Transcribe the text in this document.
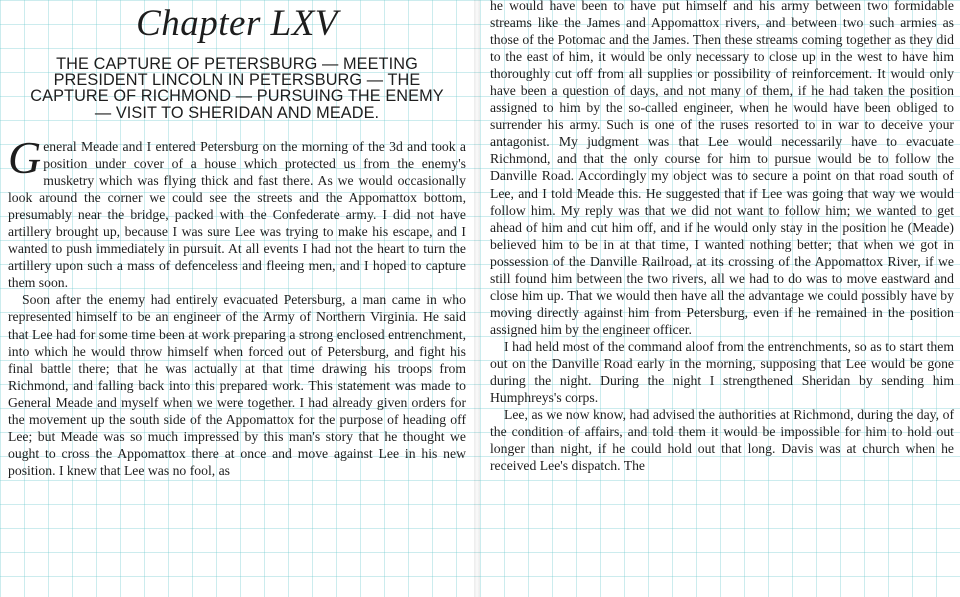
Chapter LXV
THE CAPTURE OF PETERSBURG — MEETING PRESIDENT LINCOLN IN PETERSBURG — THE CAPTURE OF RICHMOND — PURSUING THE ENEMY — VISIT TO SHERIDAN AND MEADE.

General Meade and I entered Petersburg on the morning of the 3d and took a position under cover of a house which protected us from the enemy's musketry which was flying thick and fast there. As we would occasionally look around the corner we could see the streets and the Appomattox bottom, presumably near the bridge, packed with the Confederate army. I did not have artillery brought up, because I was sure Lee was trying to make his escape, and I wanted to push immediately in pursuit. At all events I had not the heart to turn the artillery upon such a mass of defenceless and fleeing men, and I hoped to capture them soon.

Soon after the enemy had entirely evacuated Petersburg, a man came in who represented himself to be an engineer of the Army of Northern Virginia. He said that Lee had for some time been at work preparing a strong enclosed entrenchment, into which he would throw himself when forced out of Petersburg, and fight his final battle there; that he was actually at that time drawing his troops from Richmond, and falling back into this prepared work. This statement was made to General Meade and myself when we were together. I had already given orders for the movement up the south side of the Appomattox for the purpose of heading off Lee; but Meade was so much impressed by this man's story that he thought we ought to cross the Appomattox there at once and move against Lee in his new position. I knew that Lee was no fool, as

he would have been to have put himself and his army between two formidable streams like the James and Appomattox rivers, and between two such armies as those of the Potomac and the James. Then these streams coming together as they did to the east of him, it would be only necessary to close up in the west to have him thoroughly cut off from all supplies or possibility of reinforcement. It would only have been a question of days, and not many of them, if he had taken the position assigned to him by the so-called engineer, when he would have been obliged to surrender his army. Such is one of the ruses resorted to in war to deceive your antagonist. My judgment was that Lee would necessarily have to evacuate Richmond, and that the only course for him to pursue would be to follow the Danville Road. Accordingly my object was to secure a point on that road south of Lee, and I told Meade this. He suggested that if Lee was going that way we would follow him. My reply was that we did not want to follow him; we wanted to get ahead of him and cut him off, and if he would only stay in the position he (Meade) believed him to be in at that time, I wanted nothing better; that when we got in possession of the Danville Railroad, at its crossing of the Appomattox River, if we still found him between the two rivers, all we had to do was to move eastward and close him up. That we would then have all the advantage we could possibly have by moving directly against him from Petersburg, even if he remained in the position assigned him by the engineer officer.

I had held most of the command aloof from the entrenchments, so as to start them out on the Danville Road early in the morning, supposing that Lee would be gone during the night. During the night I strengthened Sheridan by sending him Humphreys's corps.

Lee, as we now know, had advised the authorities at Richmond, during the day, of the condition of affairs, and told them it would be impossible for him to hold out longer than night, if he could hold out that long. Davis was at church when he received Lee's dispatch. The
